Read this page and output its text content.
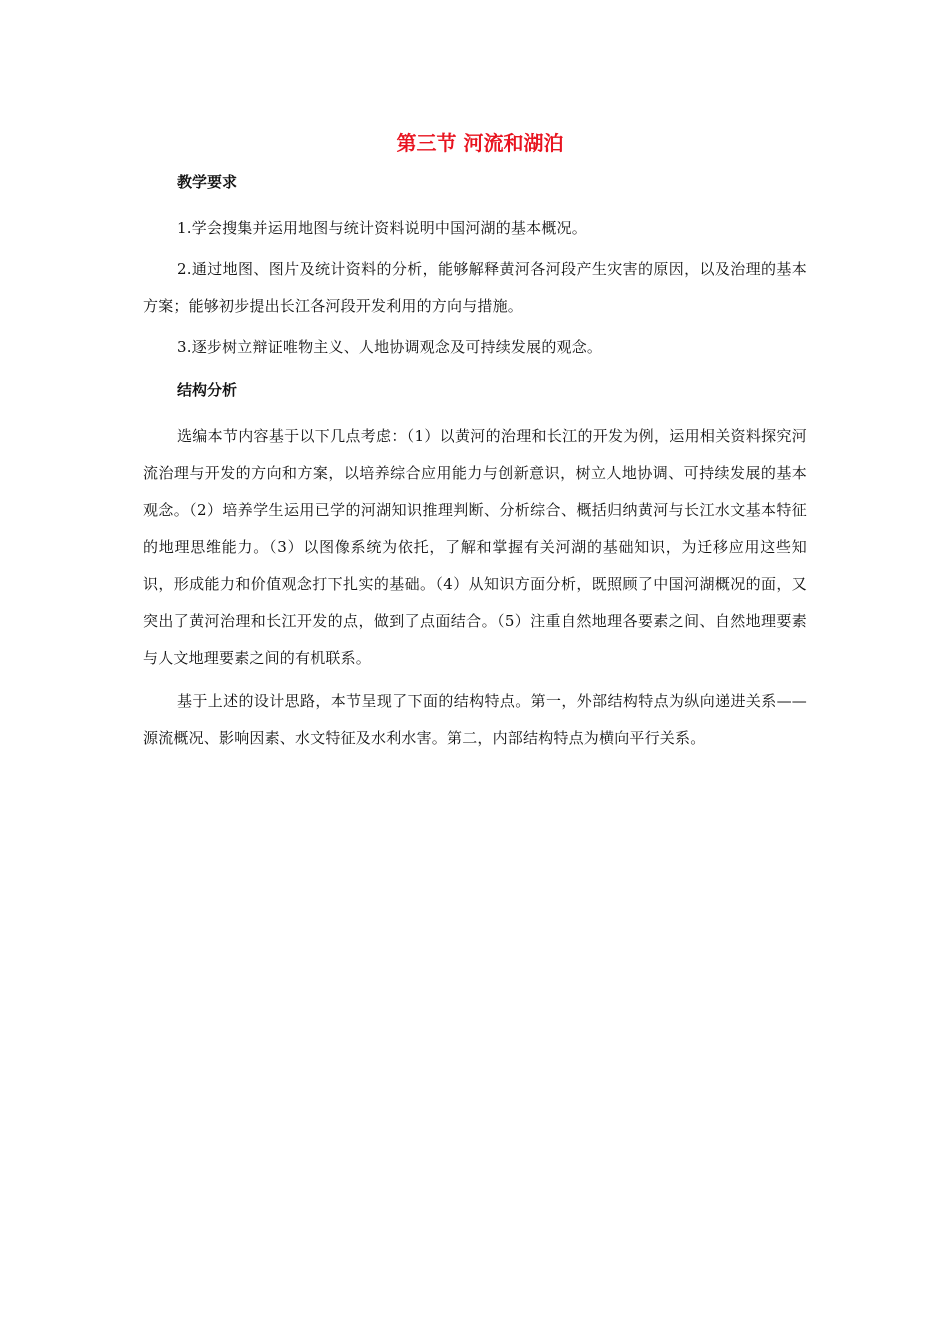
第三节 河流和湖泊
教学要求

1.学会搜集并运用地图与统计资料说明中国河湖的基本概况。

2.通过地图、图片及统计资料的分析，能够解释黄河各河段产生灾害的原因，以及治理的基本方案；能够初步提出长江各河段开发利用的方向与措施。

3.逐步树立辩证唯物主义、人地协调观念及可持续发展的观念。

结构分析

选编本节内容基于以下几点考虑：（1）以黄河的治理和长江的开发为例，运用相关资料探究河流治理与开发的方向和方案，以培养综合应用能力与创新意识，树立人地协调、可持续发展的基本观念。（2）培养学生运用已学的河湖知识推理判断、分析综合、概括归纳黄河与长江水文基本特征的地理思维能力。（3）以图像系统为依托，了解和掌握有关河湖的基础知识，为迁移应用这些知识，形成能力和价值观念打下扎实的基础。（4）从知识方面分析，既照顾了中国河湖概况的面，又突出了黄河治理和长江开发的点，做到了点面结合。（5）注重自然地理各要素之间、自然地理要素与人文地理要素之间的有机联系。

基于上述的设计思路，本节呈现了下面的结构特点。第一，外部结构特点为纵向递进关系——源流概况、影响因素、水文特征及水利水害。第二，内部结构特点为横向平行关系。
